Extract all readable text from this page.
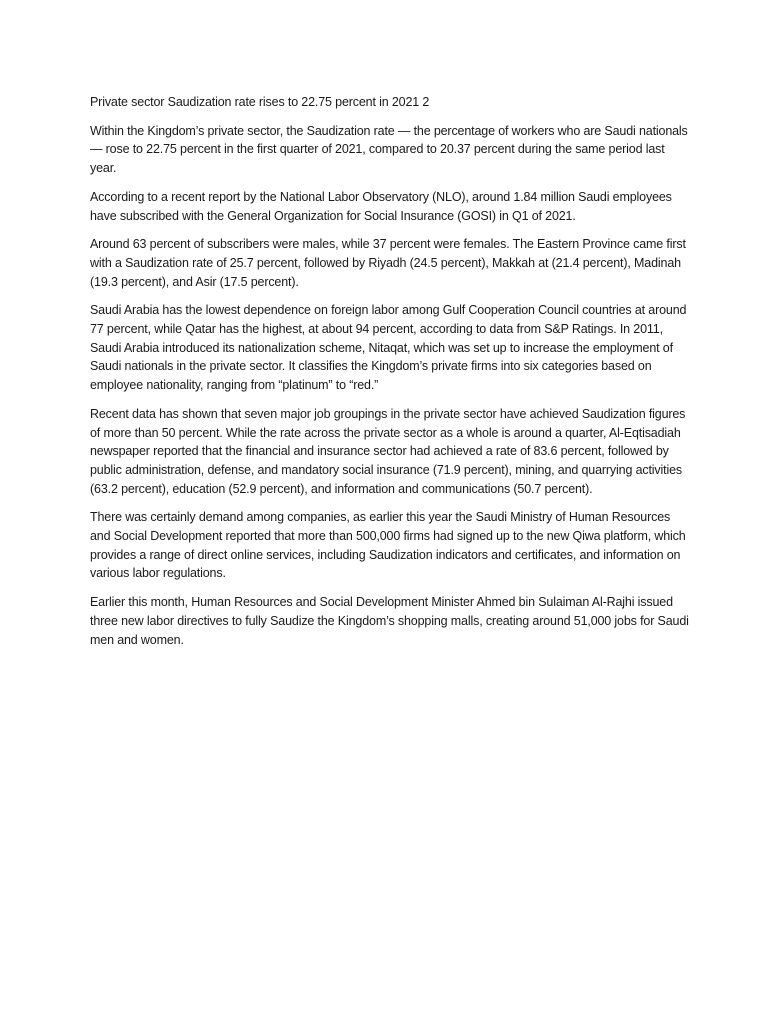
Private sector Saudization rate rises to 22.75 percent in 2021 2

Within the Kingdom’s private sector, the Saudization rate — the percentage of workers who are Saudi nationals — rose to 22.75 percent in the first quarter of 2021, compared to 20.37 percent during the same period last year.

According to a recent report by the National Labor Observatory (NLO), around 1.84 million Saudi employees have subscribed with the General Organization for Social Insurance (GOSI) in Q1 of 2021.

Around 63 percent of subscribers were males, while 37 percent were females. The Eastern Province came first with a Saudization rate of 25.7 percent, followed by Riyadh (24.5 percent), Makkah at (21.4 percent), Madinah (19.3 percent), and Asir (17.5 percent).

Saudi Arabia has the lowest dependence on foreign labor among Gulf Cooperation Council countries at around 77 percent, while Qatar has the highest, at about 94 percent, according to data from S&P Ratings. In 2011, Saudi Arabia introduced its nationalization scheme, Nitaqat, which was set up to increase the employment of Saudi nationals in the private sector. It classifies the Kingdom’s private firms into six categories based on employee nationality, ranging from “platinum” to “red.”

Recent data has shown that seven major job groupings in the private sector have achieved Saudization figures of more than 50 percent. While the rate across the private sector as a whole is around a quarter, Al-Eqtisadiah newspaper reported that the financial and insurance sector had achieved a rate of 83.6 percent, followed by public administration, defense, and mandatory social insurance (71.9 percent), mining, and quarrying activities (63.2 percent), education (52.9 percent), and information and communications (50.7 percent).

There was certainly demand among companies, as earlier this year the Saudi Ministry of Human Resources and Social Development reported that more than 500,000 firms had signed up to the new Qiwa platform, which provides a range of direct online services, including Saudization indicators and certificates, and information on various labor regulations.

Earlier this month, Human Resources and Social Development Minister Ahmed bin Sulaiman Al-Rajhi issued three new labor directives to fully Saudize the Kingdom’s shopping malls, creating around 51,000 jobs for Saudi men and women.
